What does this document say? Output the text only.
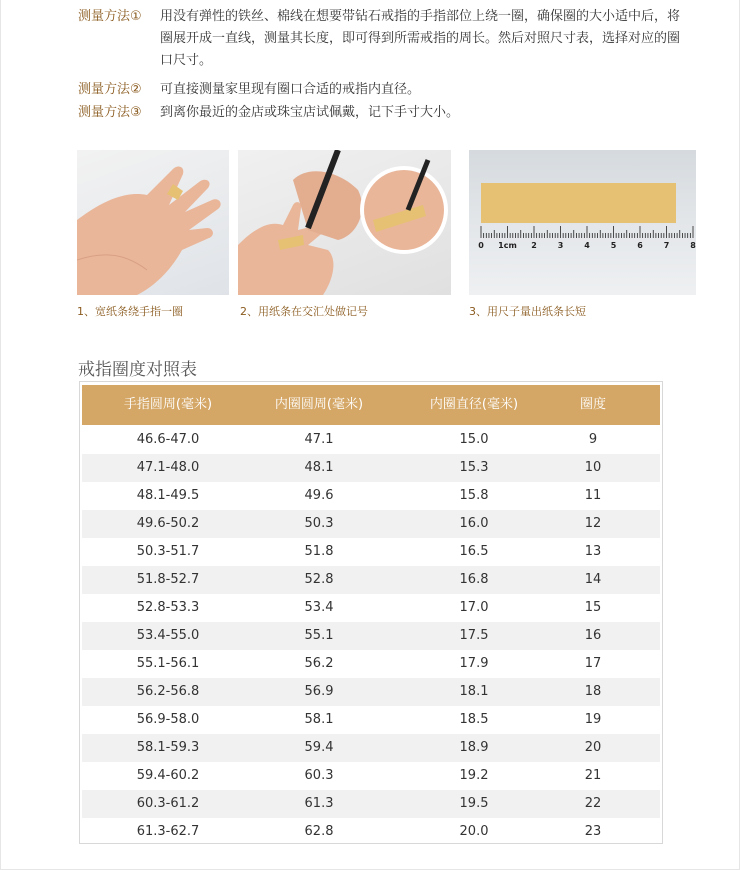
测量方法① 用没有弹性的铁丝、棉线在想要带钻石戒指的手指部位上绕一圈，确保圈的大小适中后，将圈展开成一直线，测量其长度，即可得到所需戒指的周长。然后对照尺寸表，选择对应的圈口尺寸。
测量方法② 可直接测量家里现有圈口合适的戒指内直径。
测量方法③ 到离你最近的金店或珠宝店试佩戴，记下手寸大小。
0 1cm 2	3	4	5	6	7	8
1、宽纸条绕手指一圈	2、用纸条在交汇处做记号	3、用尺子量出纸条长短
戒指圈度对照表
手指圆周(毫米)	内圈圆周(毫米)	内圈直径(毫米)	圈度
46.6-47.0	47.1	15.0	9
47.1-48.0	48.1	15.3	10
48.1-49.5	49.6	15.8	11
49.6-50.2	50.3	16.0	12
50.3-51.7	51.8	16.5	13
51.8-52.7	52.8	16.8	14
52.8-53.3	53.4	17.0	15
53.4-55.0	55.1	17.5	16
55.1-56.1	56.2	17.9	17
56.2-56.8	56.9	18.1	18
56.9-58.0	58.1	18.5	19
58.1-59.3	59.4	18.9	20
59.4-60.2	60.3	19.2	21
60.3-61.2	61.3	19.5	22
61.3-62.7	62.8	20.0	23
